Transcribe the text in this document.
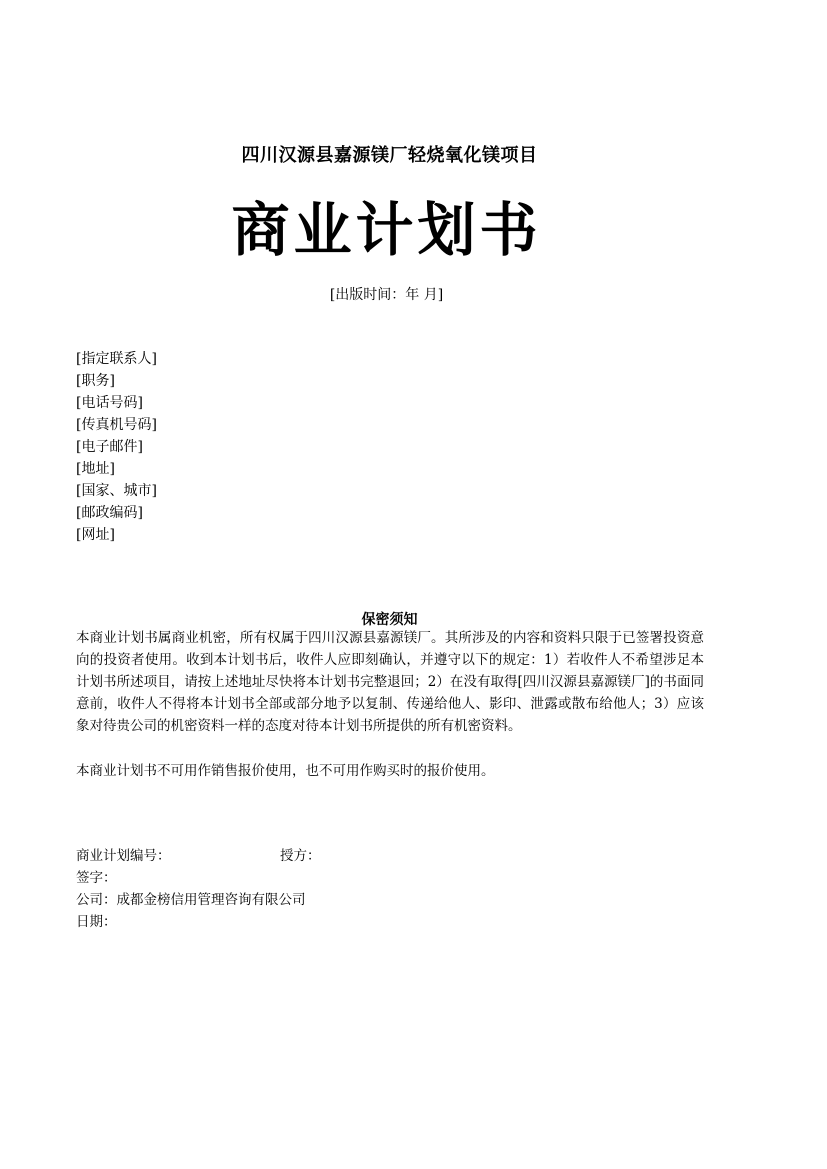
四川汉源县嘉源镁厂轻烧氧化镁项目
商业计划书
[出版时间：年 月]
[指定联系人]
[职务]
[电话号码]
[传真机号码]
[电子邮件]
[地址]
[国家、城市]
[邮政编码]
[网址]
保密须知

本商业计划书属商业机密，所有权属于四川汉源县嘉源镁厂。其所涉及的内容和资料只限于已签署投资意向的投资者使用。收到本计划书后，收件人应即刻确认，并遵守以下的规定：1）若收件人不希望涉足本计划书所述项目，请按上述地址尽快将本计划书完整退回；2）在没有取得[四川汉源县嘉源镁厂]的书面同意前，收件人不得将本计划书全部或部分地予以复制、传递给他人、影印、泄露或散布给他人；3）应该象对待贵公司的机密资料一样的态度对待本计划书所提供的所有机密资料。

本商业计划书不可用作销售报价使用，也不可用作购买时的报价使用。

商业计划编号：	授方：
签字：
公司：成都金榜信用管理咨询有限公司
日期：
